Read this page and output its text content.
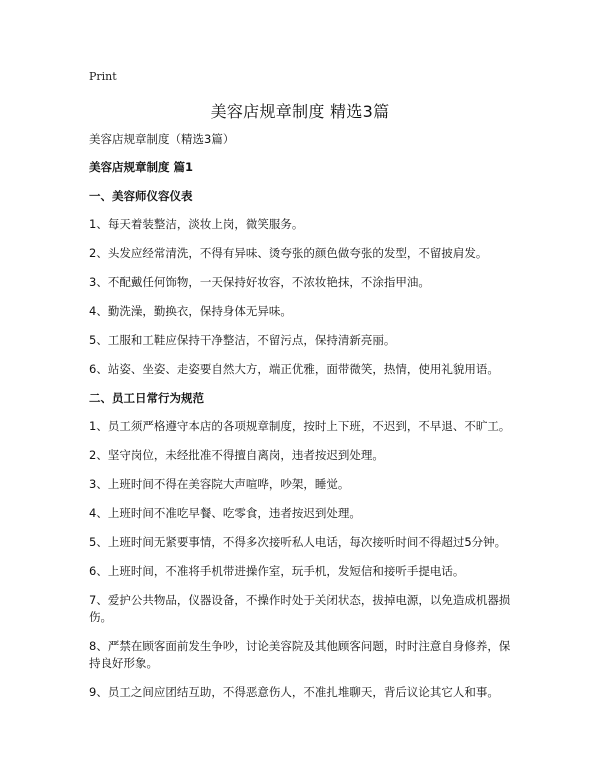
Print
美容店规章制度 精选3篇

美容店规章制度（精选3篇）

美容店规章制度 篇1

一、美容师仪容仪表

1、每天着装整洁，淡妆上岗，微笑服务。

2、头发应经常清洗，不得有异味、烫夸张的颜色做夸张的发型，不留披肩发。

3、不配戴任何饰物，一天保持好妆容，不浓妆艳抹，不涂指甲油。

4、勤洗澡，勤换衣，保持身体无异味。

5、工服和工鞋应保持干净整洁，不留污点，保持清新亮丽。

6、站姿、坐姿、走姿要自然大方，端正优雅，面带微笑，热情，使用礼貌用语。

二、员工日常行为规范

1、员工须严格遵守本店的各项规章制度，按时上下班，不迟到，不早退、不旷工。

2、坚守岗位，未经批准不得擅自离岗，违者按迟到处理。

3、上班时间不得在美容院大声喧哗，吵架，睡觉。

4、上班时间不准吃早餐、吃零食，违者按迟到处理。

5、上班时间无紧要事情，不得多次接听私人电话，每次接听时间不得超过5分钟。

6、上班时间，不准将手机带进操作室，玩手机，发短信和接听手提电话。

7、爱护公共物品，仪器设备，不操作时处于关闭状态，拔掉电源，以免造成机器损伤。

8、严禁在顾客面前发生争吵，讨论美容院及其他顾客问题，时时注意自身修养，保持良好形象。

9、员工之间应团结互助，不得恶意伤人，不准扎堆聊天，背后议论其它人和事。
